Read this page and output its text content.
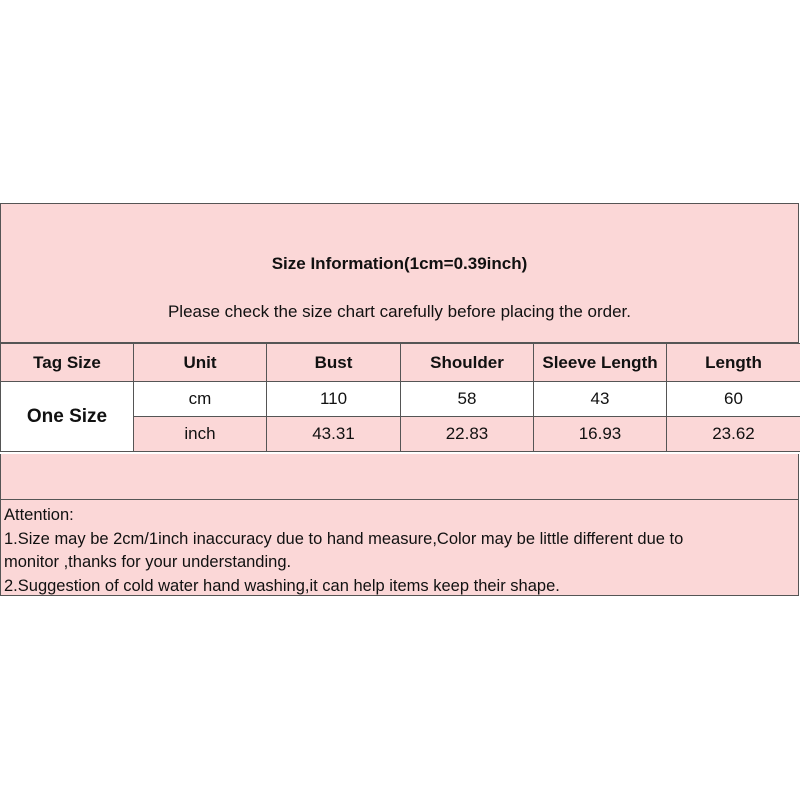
Size Information(1cm=0.39inch)
Please check the size chart carefully before placing the order.
Tag Size	Unit	Bust	Shoulder	Sleeve Length	Length
One Size	cm	110	58	43	60
	inch	43.31	22.83	16.93	23.62
Attention:
1.Size may be 2cm/1inch inaccuracy due to hand measure,Color may be little different due to
monitor ,thanks for your understanding.
2.Suggestion of cold water hand washing,it can help items keep their shape.
